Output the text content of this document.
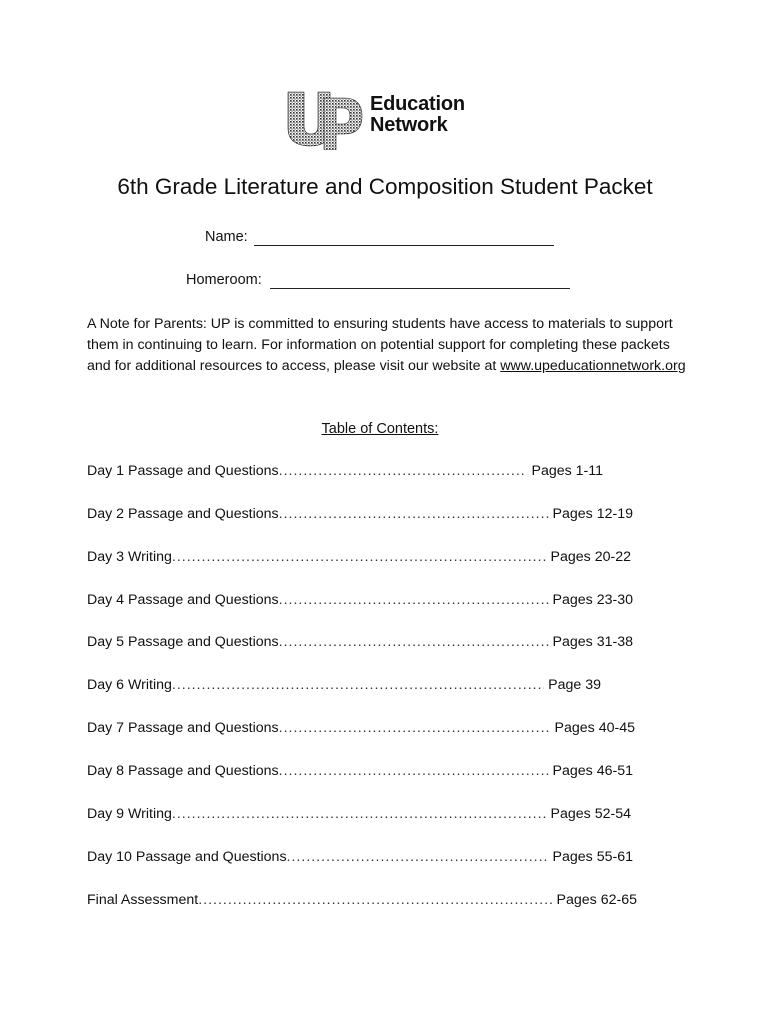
Education
Network
6th Grade Literature and Composition Student Packet
Name:
Homeroom:
A Note for Parents: UP is committed to ensuring students have access to materials to support them in continuing to learn. For information on potential support for completing these packets and for additional resources to access, please visit our website at www.upeducationnetwork.org
Table of Contents:
Day 1 Passage and Questions .....	Pages 1-11
Day 2 Passage and Questions .....	Pages 12-19
Day 3 Writing .....	Pages 20-22
Day 4 Passage and Questions .....	Pages 23-30
Day 5 Passage and Questions .....	Pages 31-38
Day 6 Writing .....	Page 39
Day 7 Passage and Questions .....	Pages 40-45
Day 8 Passage and Questions .....	Pages 46-51
Day 9 Writing .....	Pages 52-54
Day 10 Passage and Questions .....	Pages 55-61
Final Assessment .....	Pages 62-65
